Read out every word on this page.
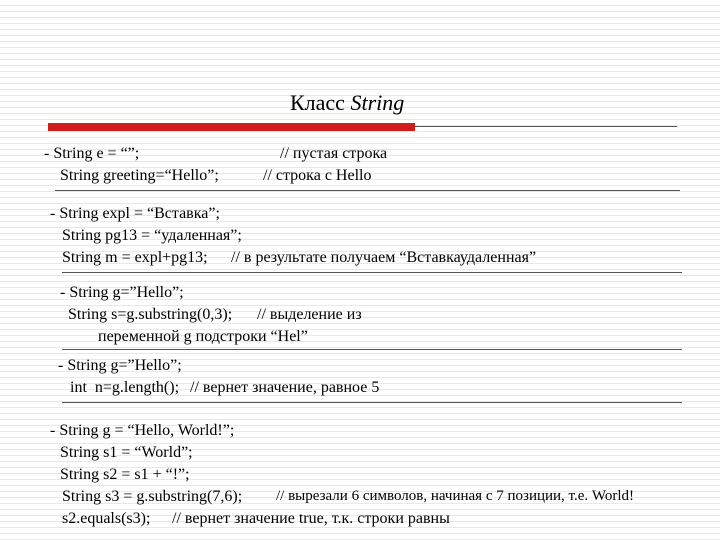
Класс String
- String e = “”;	// пустая строка
String greeting=“Hello”;	// строка с Hello
- String expl = “Вставка”;
String pg13 = “удаленная”;
String m = expl+pg13; // в результате получаем “Вставкаудаленная”
- String g=”Hello”;
String s=g.substring(0,3); // выделение из
переменной g подстроки “Hel”
- String g=”Hello”;
int  n=g.length(); // вернет значение, равное 5
- String g = “Hello, World!”;
String s1 = “World”;
String s2 = s1 + “!”;
String s3 = g.substring(7,6); // вырезали 6 символов, начиная с 7 позиции, т.е. World!
s2.equals(s3); // вернет значение true, т.к. строки равны
